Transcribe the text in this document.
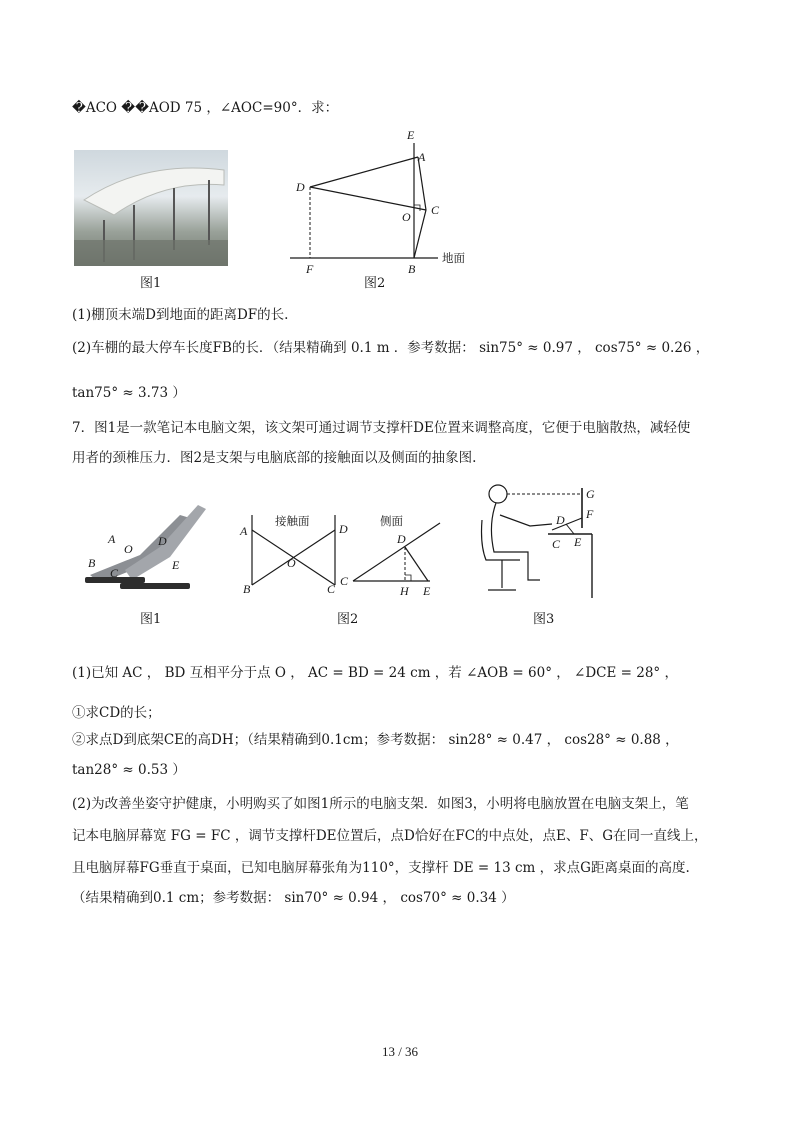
�ACO ��AOD 75 ，∠AOC=90°．求：
图1
E
A
D
O C
F	B
地面
图2
(1)棚顶末端D到地面的距离DF的长.
(2)车棚的最大停车长度FB的长．（结果精确到 0.1 m ．参考数据： sin75° ≈ 0.97 ， cos75° ≈ 0.26 ，
tan75° ≈ 3.73 ）
7．图1是一款笔记本电脑文架，该文架可通过调节支撑杆DE位置来调整高度，它便于电脑散热，减轻使
用者的颈椎压力．图2是支架与电脑底部的接触面以及侧面的抽象图.
A
B
O
C
D
E
图1
接触面	侧面
A	D
O
B	C
D
C
H E
图2
G
F
D
C E
图3
(1)已知 AC ， BD 互相平分于点 O ， AC = BD = 24 cm ，若 ∠AOB = 60° ， ∠DCE = 28° ，
①求CD的长；
②求点D到底架CE的高DH；（结果精确到0.1cm；参考数据： sin28° ≈ 0.47 ， cos28° ≈ 0.88 ，
tan28° ≈ 0.53 ）
(2)为改善坐姿守护健康，小明购买了如图1所示的电脑支架．如图3，小明将电脑放置在电脑支架上，笔
记本电脑屏幕宽 FG = FC ，调节支撑杆DE位置后，点D恰好在FC的中点处，点E、F、G在同一直线上，
且电脑屏幕FG垂直于桌面，已知电脑屏幕张角为110°，支撑杆 DE = 13 cm ，求点G距离桌面的高度.
（结果精确到0.1 cm；参考数据： sin70° ≈ 0.94 ， cos70° ≈ 0.34 ）
13 / 36
